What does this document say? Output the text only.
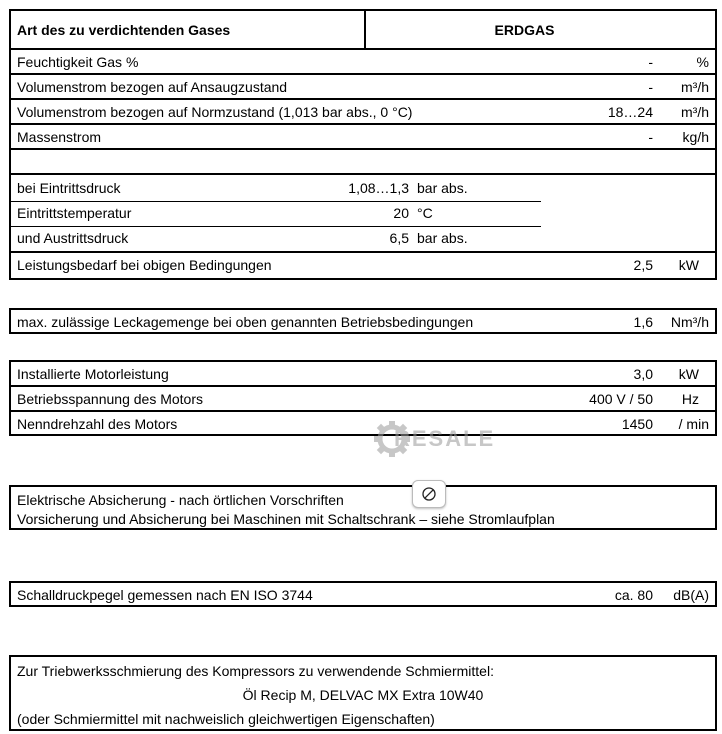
Art des zu verdichtenden Gases	ERDGAS
Feuchtigkeit Gas %	-	%
Volumenstrom bezogen auf Ansaugzustand	- m³/h
Volumenstrom bezogen auf Normzustand (1,013 bar abs., 0 °C)	18…24 m³/h
Massenstrom	- kg/h
bei Eintrittsdruck	1,08…1,3 bar abs.
Eintrittstemperatur	20 °C
und Austrittsdruck	6,5 bar abs.
Leistungsbedarf bei obigen Bedingungen	2,5 kW
max. zulässige Leckagemenge bei oben genannten Betriebsbedingungen	1,6 Nm³/h
Installierte Motorleistung	3,0 kW
Betriebsspannung des Motors	400 V / 50 Hz
Nenndrehzahl des Motors	1450 / min
RESALE
Elektrische Absicherung - nach örtlichen Vorschriften
Vorsicherung und Absicherung bei Maschinen mit Schaltschrank – siehe Stromlaufplan
Schalldruckpegel gemessen nach EN ISO 3744	ca. 80 dB(A)
Zur Triebwerksschmierung des Kompressors zu verwendende Schmiermittel:
Öl Recip M, DELVAC MX Extra 10W40
(oder Schmiermittel mit nachweislich gleichwertigen Eigenschaften)
